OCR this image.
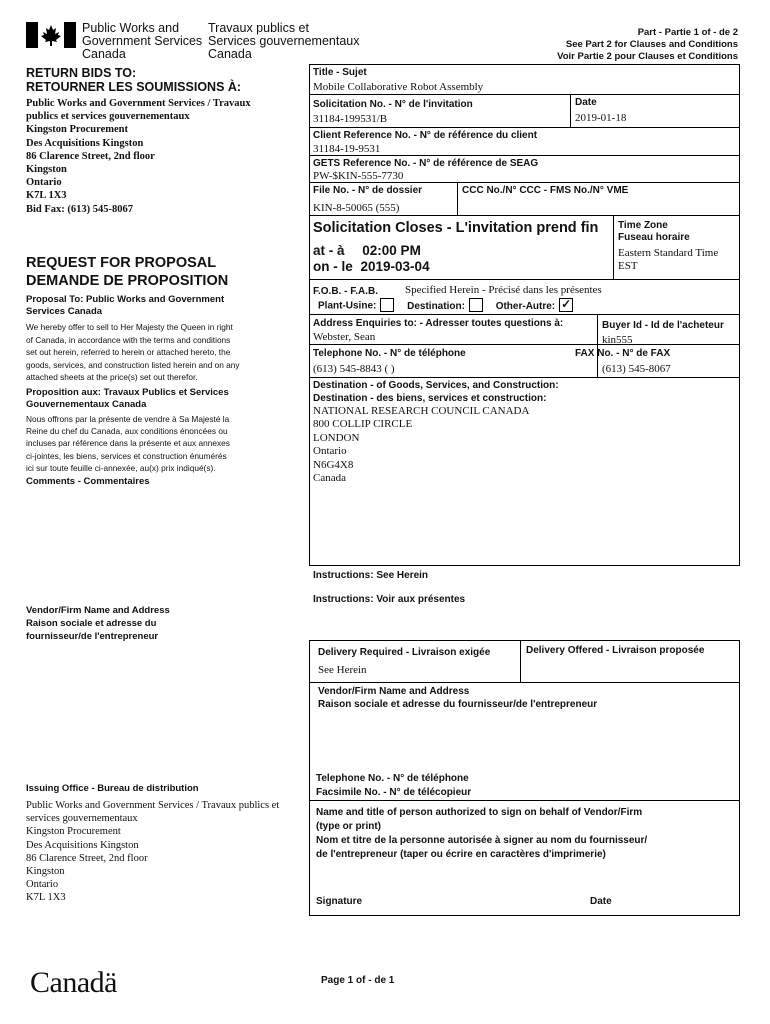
Public Works and
Government Services
Canada
Travaux publics et
Services gouvernementaux
Canada
Part - Partie 1 of - de 2
See Part 2 for Clauses and Conditions
Voir Partie 2 pour Clauses et Conditions
RETURN BIDS TO:
RETOURNER LES SOUMISSIONS À:
Public Works and Government Services / Travaux
publics et services gouvernementaux
Kingston Procurement
Des Acquisitions Kingston
86 Clarence Street, 2nd floor
Kingston
Ontario
K7L 1X3
Bid Fax: (613) 545-8067
REQUEST FOR PROPOSAL
DEMANDE DE PROPOSITION
Proposal To: Public Works and Government
Services Canada
We hereby offer to sell to Her Majesty the Queen in right
of Canada, in accordance with the terms and conditions
set out herein, referred to herein or attached hereto, the
goods, services, and construction listed herein and on any
attached sheets at the price(s) set out therefor.
Proposition aux: Travaux Publics et Services
Gouvernementaux Canada
Nous offrons par la présente de vendre à Sa Majesté la
Reine du chef du Canada, aux conditions énoncées ou
incluses par référence dans la présente et aux annexes
ci-jointes, les biens, services et construction énumérés
ici sur toute feuille ci-annexée, au(x) prix indiqué(s).
Comments - Commentaires
Vendor/Firm Name and Address
Raison sociale et adresse du
fournisseur/de l'entrepreneur
Issuing Office - Bureau de distribution
Public Works and Government Services / Travaux publics et
services gouvernementaux
Kingston Procurement
Des Acquisitions Kingston
86 Clarence Street, 2nd floor
Kingston
Ontario
K7L 1X3
Title - Sujet
Mobile Collaborative Robot Assembly
Solicitation No. - N° de l'invitation
31184-199531/B
Date
2019-01-18
Client Reference No. - N° de référence du client
31184-19-9531
GETS Reference No. - N° de référence de SEAG
PW-$KIN-555-7730
File No. - N° de dossier
KIN-8-50065 (555)
CCC No./N° CCC - FMS No./N° VME
Solicitation Closes - L'invitation prend fin
at - à 02:00 PM
on - le 2019-03-04
Time Zone
Fuseau horaire
Eastern Standard Time
EST
F.O.B. - F.A.B. Specified Herein - Précisé dans les présentes
Plant-Usine:	Destination:	Other-Autre: ✓
Address Enquiries to: - Adresser toutes questions à:
Webster, Sean
Buyer Id - Id de l'acheteur
kin555
Telephone No. - N° de téléphone
(613) 545-8843 ( )
FAX No. - N° de FAX
(613) 545-8067
Destination - of Goods, Services, and Construction:
Destination - des biens, services et construction:
NATIONAL RESEARCH COUNCIL CANADA
800 COLLIP CIRCLE
LONDON
Ontario
N6G4X8
Canada
Instructions: See Herein
Instructions: Voir aux présentes
Delivery Required - Livraison exigée
See Herein
Delivery Offered - Livraison proposée
Vendor/Firm Name and Address
Raison sociale et adresse du fournisseur/de l'entrepreneur
Telephone No. - N° de téléphone
Facsimile No. - N° de télécopieur
Name and title of person authorized to sign on behalf of Vendor/Firm
(type or print)
Nom et titre de la personne autorisée à signer au nom du fournisseur/
de l'entrepreneur (taper ou écrire en caractères d'imprimerie)
Signature	Date
Canadä	Page 1 of - de 1
